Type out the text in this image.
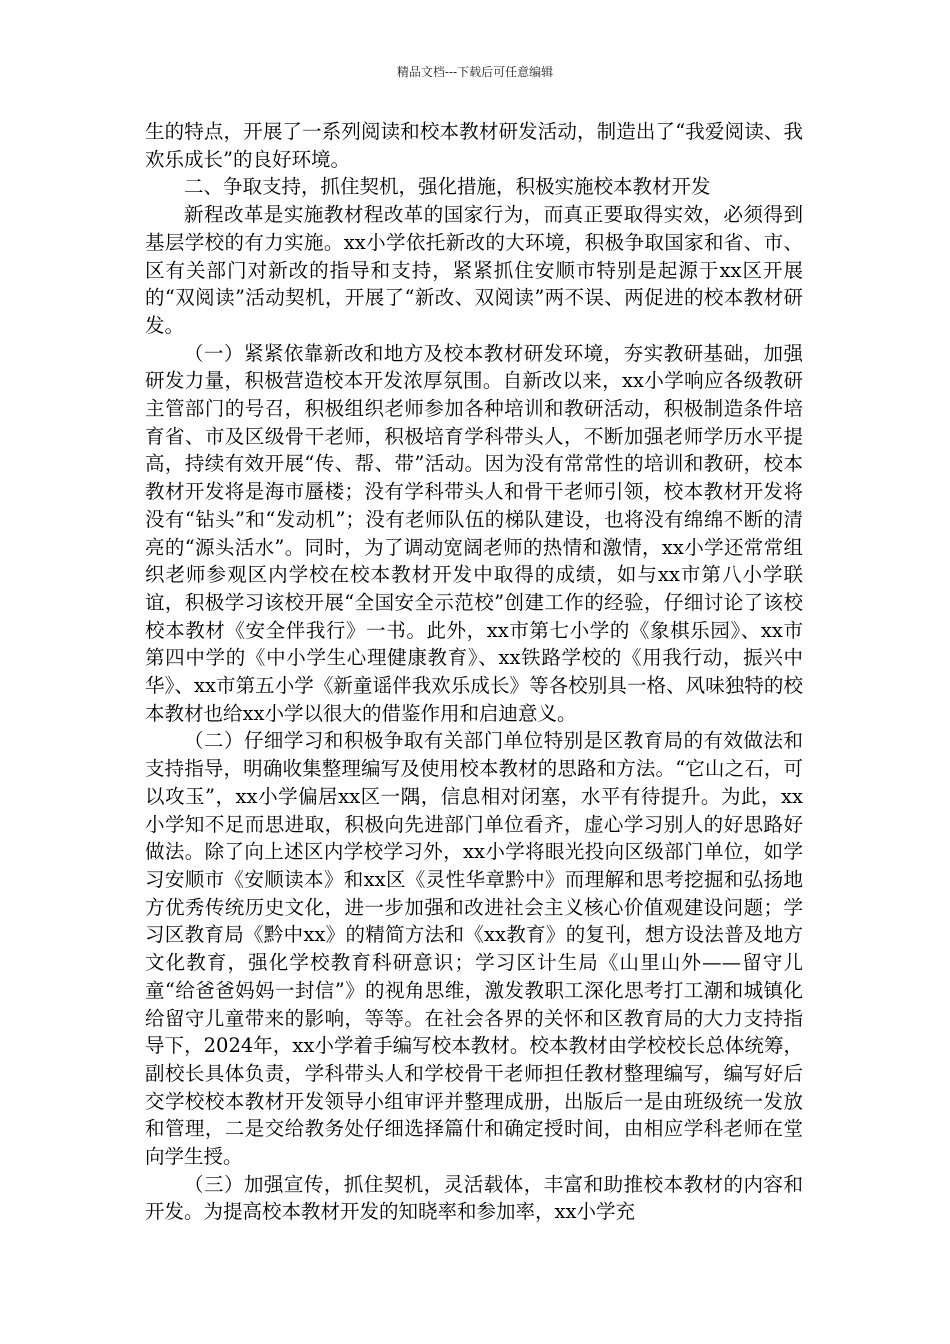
精品文档---下载后可任意编辑

生的特点，开展了一系列阅读和校本教材研发活动，制造出了“我爱阅读、我欢乐成长”的良好环境。

二、争取支持，抓住契机，强化措施，积极实施校本教材开发

新程改革是实施教材程改革的国家行为，而真正要取得实效，必须得到基层学校的有力实施。xx小学依托新改的大环境，积极争取国家和省、市、区有关部门对新改的指导和支持，紧紧抓住安顺市特别是起源于xx区开展的“双阅读”活动契机，开展了“新改、双阅读”两不误、两促进的校本教材研发。

（一）紧紧依靠新改和地方及校本教材研发环境，夯实教研基础，加强研发力量，积极营造校本开发浓厚氛围。自新改以来，xx小学响应各级教研主管部门的号召，积极组织老师参加各种培训和教研活动，积极制造条件培育省、市及区级骨干老师，积极培育学科带头人，不断加强老师学历水平提高，持续有效开展“传、帮、带”活动。因为没有常常性的培训和教研，校本教材开发将是海市蜃楼；没有学科带头人和骨干老师引领，校本教材开发将没有“钻头”和“发动机”；没有老师队伍的梯队建设，也将没有绵绵不断的清亮的“源头活水”。同时，为了调动宽阔老师的热情和激情，xx小学还常常组织老师参观区内学校在校本教材开发中取得的成绩，如与xx市第八小学联谊，积极学习该校开展“全国安全示范校”创建工作的经验，仔细讨论了该校校本教材《安全伴我行》一书。此外，xx市第七小学的《象棋乐园》、xx市第四中学的《中小学生心理健康教育》、xx铁路学校的《用我行动，振兴中华》、xx市第五小学《新童谣伴我欢乐成长》等各校别具一格、风味独特的校本教材也给xx小学以很大的借鉴作用和启迪意义。

（二）仔细学习和积极争取有关部门单位特别是区教育局的有效做法和支持指导，明确收集整理编写及使用校本教材的思路和方法。“它山之石，可以攻玉”，xx小学偏居xx区一隅，信息相对闭塞，水平有待提升。为此，xx小学知不足而思进取，积极向先进部门单位看齐，虚心学习别人的好思路好做法。除了向上述区内学校学习外，xx小学将眼光投向区级部门单位，如学习安顺市《安顺读本》和xx区《灵性华章黔中》而理解和思考挖掘和弘扬地方优秀传统历史文化，进一步加强和改进社会主义核心价值观建设问题；学习区教育局《黔中xx》的精简方法和《xx教育》的复刊，想方设法普及地方文化教育，强化学校教育科研意识；学习区计生局《山里山外——留守儿童“给爸爸妈妈一封信”》的视角思维，激发教职工深化思考打工潮和城镇化给留守儿童带来的影响，等等。在社会各界的关怀和区教育局的大力支持指导下，2024年，xx小学着手编写校本教材。校本教材由学校校长总体统筹，副校长具体负责，学科带头人和学校骨干老师担任教材整理编写，编写好后交学校校本教材开发领导小组审评并整理成册，出版后一是由班级统一发放和管理，二是交给教务处仔细选择篇什和确定授时间，由相应学科老师在堂向学生授。

（三）加强宣传，抓住契机，灵活载体，丰富和助推校本教材的内容和开发。为提高校本教材开发的知晓率和参加率，xx小学充
